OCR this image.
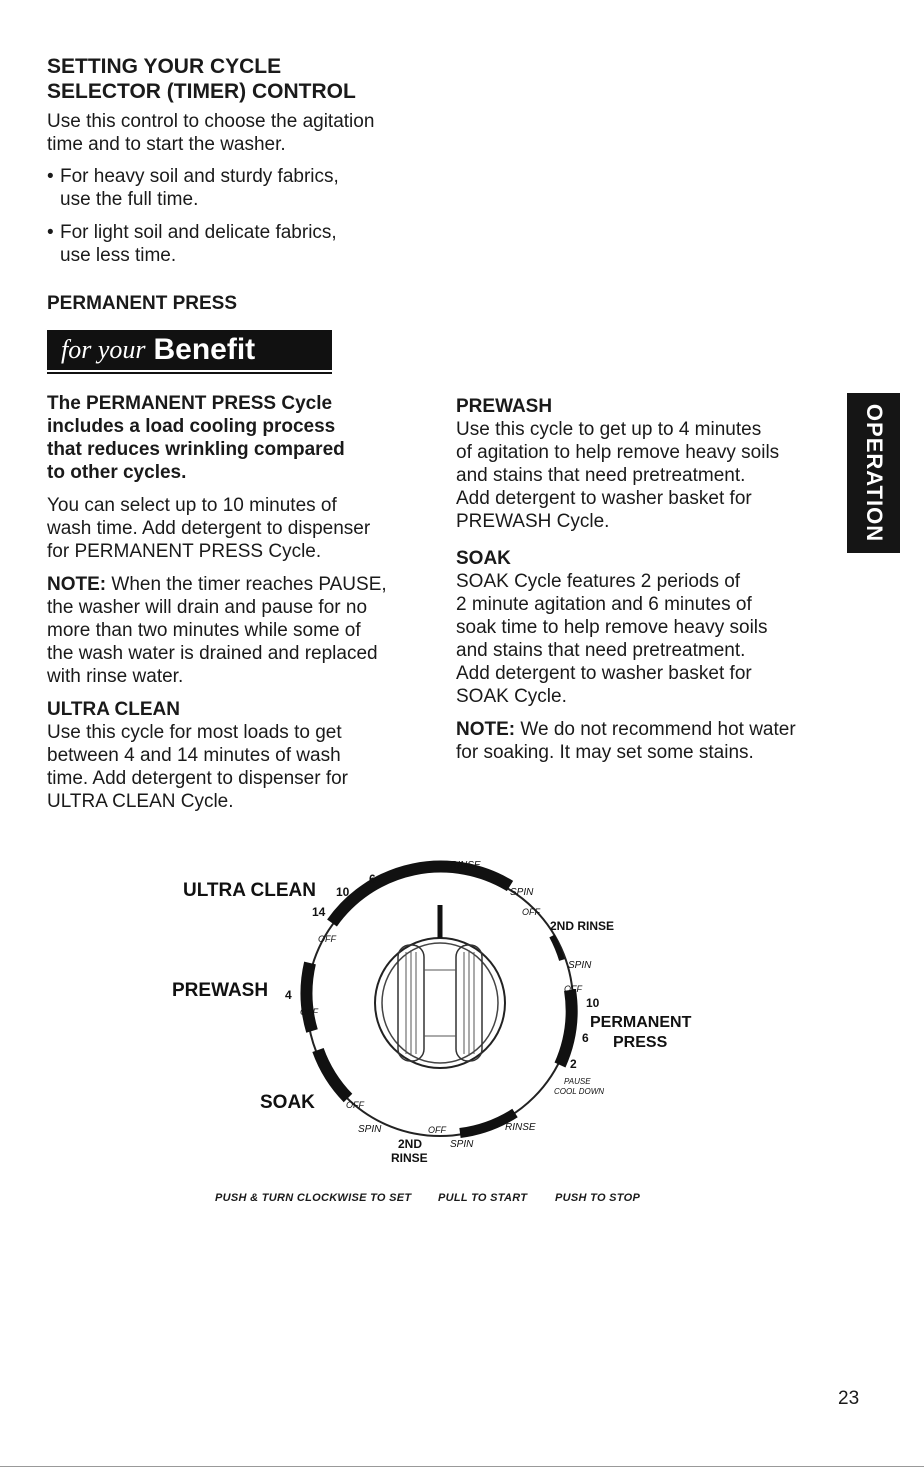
SETTING YOUR CYCLE
SELECTOR (TIMER) CONTROL
Use this control to choose the agitation
time and to start the washer.
• For heavy soil and sturdy fabrics,
use the full time.
• For light soil and delicate fabrics,
use less time.
PERMANENT PRESS
for your Benefit
The PERMANENT PRESS Cycle
includes a load cooling process
that reduces wrinkling compared
to other cycles.
You can select up to 10 minutes of
wash time. Add detergent to dispenser
for PERMANENT PRESS Cycle.
NOTE: When the timer reaches PAUSE,
the washer will drain and pause for no
more than two minutes while some of
the wash water is drained and replaced
with rinse water.
ULTRA CLEAN
Use this cycle for most loads to get
between 4 and 14 minutes of wash
time. Add detergent to dispenser for
ULTRA CLEAN Cycle.
PREWASH
Use this cycle to get up to 4 minutes
of agitation to help remove heavy soils
and stains that need pretreatment.
Add detergent to washer basket for
PREWASH Cycle.
SOAK
SOAK Cycle features 2 periods of
2 minute agitation and 6 minutes of
soak time to help remove heavy soils
and stains that need pretreatment.
Add detergent to washer basket for
SOAK Cycle.
NOTE: We do not recommend hot water
for soaking. It may set some stains.
OPERATION
ULTRA CLEAN 10
6
14
OFF
RINSE
SPIN
OFF
2ND RINSE
SPIN
OFF
10
PERMANENT
6 PRESS
2
PAUSE
COOL DOWN
RINSE
SPIN
OFF
SPIN
2ND
RINSE
OFF
SOAK
PREWASH 4
OFF
PUSH & TURN CLOCKWISE TO SET PULL TO START	PUSH TO STOP
23
